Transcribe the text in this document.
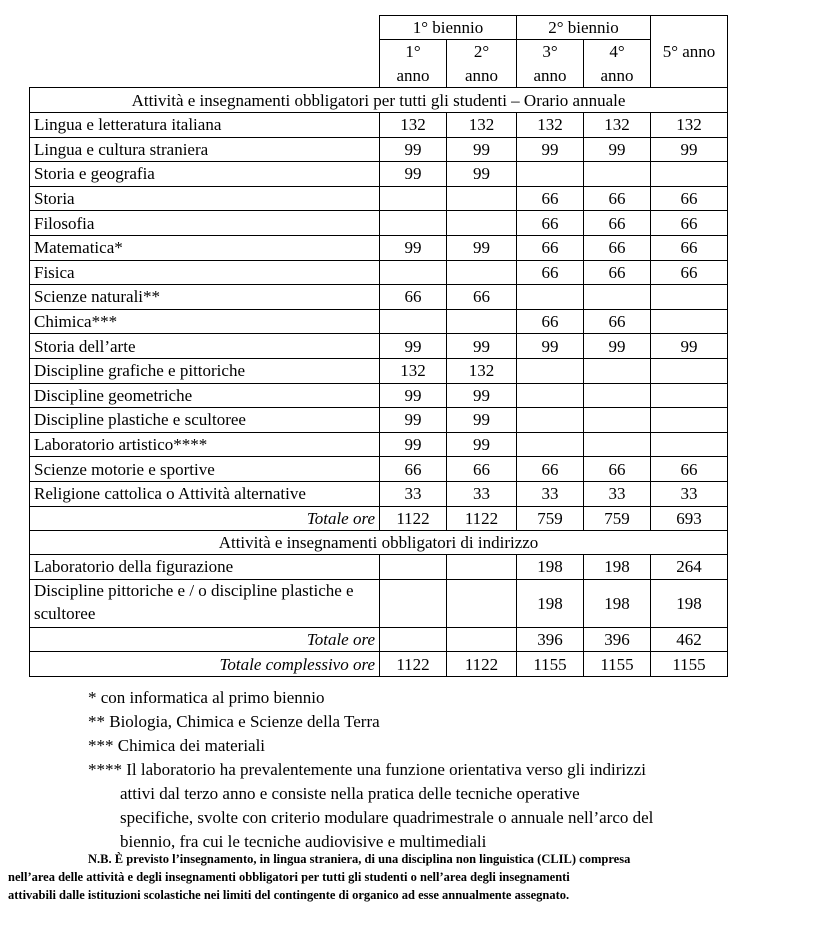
	1° biennio		2° biennio		5° anno
	1°	2°	3°	4°	
	anno	anno	anno	anno	
Attività e insegnamenti obbligatori per tutti gli studenti – Orario annuale					
Lingua e letteratura italiana	132	132	132	132	132
Lingua e cultura straniera	99	99	99	99	99
Storia e geografia	99	99			
Storia			66	66	66
Filosofia			66	66	66
Matematica*	99	99	66	66	66
Fisica			66	66	66
Scienze naturali**	66	66			
Chimica***			66	66	
Storia dell’arte	99	99	99	99	99
Discipline grafiche e pittoriche	132	132			
Discipline geometriche	99	99			
Discipline plastiche e scultoree	99	99			
Laboratorio artistico****	99	99			
Scienze motorie e sportive	66	66	66	66	66
Religione cattolica o Attività alternative	33	33	33	33	33
Totale ore	1122	1122	759	759	693
Attività e insegnamenti obbligatori di indirizzo					
Laboratorio della figurazione			198	198	264
Discipline pittoriche e / o discipline plastiche e scultoree			198	198	198
Totale ore			396	396	462
Totale complessivo ore	1122	1122	1155	1155	1155
* con informatica al primo biennio
** Biologia, Chimica e Scienze della Terra
*** Chimica dei materiali
**** Il laboratorio ha prevalentemente una funzione orientativa verso gli indirizzi
attivi dal terzo anno e consiste nella pratica delle tecniche operative
specifiche, svolte con criterio modulare quadrimestrale o annuale nell’arco del
biennio, fra cui le tecniche audiovisive e multimediali
N.B. È previsto l’insegnamento, in lingua straniera, di una disciplina non linguistica (CLIL) compresa
nell’area delle attività e degli insegnamenti obbligatori per tutti gli studenti o nell’area degli insegnamenti
attivabili dalle istituzioni scolastiche nei limiti del contingente di organico ad esse annualmente assegnato.
